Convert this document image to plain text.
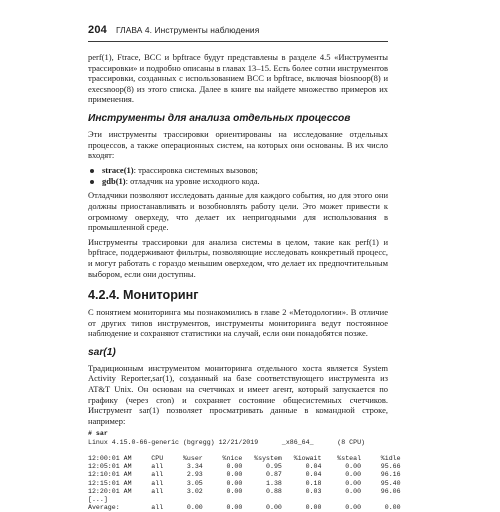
204 ГЛАВА 4. Инструменты наблюдения

perf(1), Ftrace, BCC и bpftrace будут представлены в разделе 4.5 «Инструменты трассировки» и подробно описаны в главах 13–15. Есть более сотни инструментов трассировки, созданных с использованием BCC и bpftrace, включая biosnoop(8) и execsnoop(8) из этого списка. Далее в книге вы найдете множество примеров их применения.

Инструменты для анализа отдельных процессов

Эти инструменты трассировки ориентированы на исследование отдельных процессов, а также операционных систем, на которых они основаны. В их число входят:

strace(1): трассировка системных вызовов;
gdb(1): отладчик на уровне исходного кода.

Отладчики позволяют исследовать данные для каждого события, но для этого они должны приостанавливать и возобновлять работу цели. Это может привести к огромному оверхеду, что делает их непригодными для использования в промышленной среде.

Инструменты трассировки для анализа системы в целом, такие как perf(1) и bpftrace, поддерживают фильтры, позволяющие исследовать конкретный процесс, и могут работать с гораздо меньшим оверхедом, что делает их предпочтительным выбором, если они доступны.

4.2.4. Мониторинг

С понятием мониторинга мы познакомились в главе 2 «Методологии». В отличие от других типов инструментов, инструменты мониторинга ведут постоянное наблюдение и сохраняют статистики на случай, если они понадобятся позже.

sar(1)

Традиционным инструментом мониторинга отдельного хоста является System Activity Reporter,sar(1), созданный на базе соответствующего инструмента из AT&T Unix. Он основан на счетчиках и имеет агент, который запускается по графику (через cron) и сохраняет состояние общесистемных счетчиков. Инструмент sar(1) позволяет просматривать данные в командной строке, например:

# sar
Linux 4.15.0-66-generic (bgregg) 12/21/2019      _x86_64_      (8 CPU)

12:00:01 AM     CPU     %user     %nice   %system   %iowait    %steal     %idle
12:05:01 AM     all      3.34      0.00      0.95      0.04      0.00     95.66
12:10:01 AM     all      2.93      0.00      0.87      0.04      0.00     96.16
12:15:01 AM     all      3.05      0.00      1.38      0.18      0.00     95.40
12:20:01 AM     all      3.02      0.00      0.88      0.03      0.00     96.06
[...]
Average:        all      0.00      0.00      0.00      0.00      0.00      0.00
